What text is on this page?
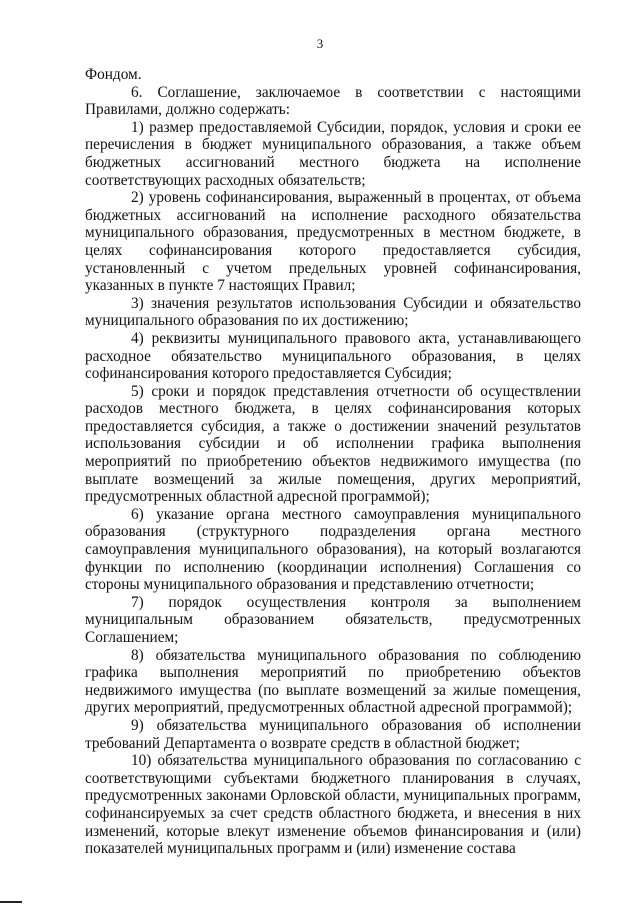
3

Фондом.

6. Соглашение, заключаемое в соответствии с настоящими Правилами, должно содержать:

1) размер предоставляемой Субсидии, порядок, условия и сроки ее перечисления в бюджет муниципального образования, а также объем бюджетных ассигнований местного бюджета на исполнение соответствующих расходных обязательств;

2) уровень софинансирования, выраженный в процентах, от объема бюджетных ассигнований на исполнение расходного обязательства муниципального образования, предусмотренных в местном бюджете, в целях софинансирования которого предоставляется субсидия, установленный с учетом предельных уровней софинансирования, указанных в пункте 7 настоящих Правил;

3) значения результатов использования Субсидии и обязательство муниципального образования по их достижению;

4) реквизиты муниципального правового акта, устанавливающего расходное обязательство муниципального образования, в целях софинансирования которого предоставляется Субсидия;

5) сроки и порядок представления отчетности об осуществлении расходов местного бюджета, в целях софинансирования которых предоставляется субсидия, а также о достижении значений результатов использования субсидии и об исполнении графика выполнения мероприятий по приобретению объектов недвижимого имущества (по выплате возмещений за жилые помещения, других мероприятий, предусмотренных областной адресной программой);

6) указание органа местного самоуправления муниципального образования (структурного подразделения органа местного самоуправления муниципального образования), на который возлагаются функции по исполнению (координации исполнения) Соглашения со стороны муниципального образования и представлению отчетности;

7) порядок осуществления контроля за выполнением муниципальным образованием обязательств, предусмотренных Соглашением;

8) обязательства муниципального образования по соблюдению графика выполнения мероприятий по приобретению объектов недвижимого имущества (по выплате возмещений за жилые помещения, других мероприятий, предусмотренных областной адресной программой);

9) обязательства муниципального образования об исполнении требований Департамента о возврате средств в областной бюджет;

10) обязательства муниципального образования по согласованию с соответствующими субъектами бюджетного планирования в случаях, предусмотренных законами Орловской области, муниципальных программ, софинансируемых за счет средств областного бюджета, и внесения в них изменений, которые влекут изменение объемов финансирования и (или) показателей муниципальных программ и (или) изменение состава
